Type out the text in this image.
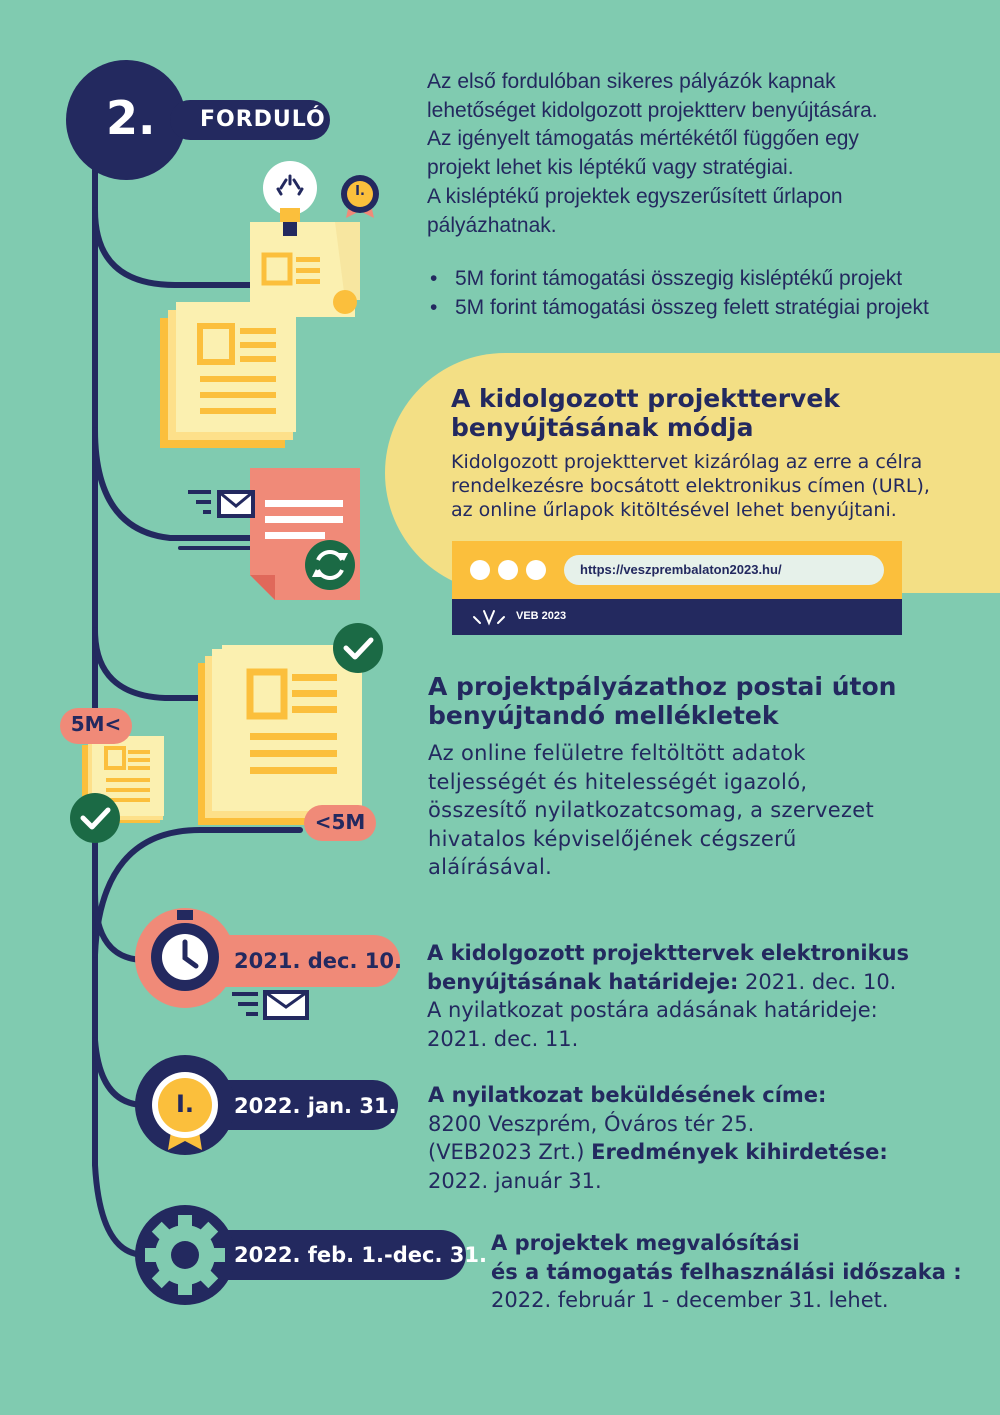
2. FORDULÓ
I.

Az első fordulóban sikeres pályázók kapnak

lehetőséget kidolgozott projektterv benyújtására.

Az igényelt támogatás mértékétől függően egy

projekt lehet kis léptékű vagy stratégiai.

A kisléptékű projektek egyszerűsített űrlapon

pályázhatnak.

• 5M forint támogatási összegig kisléptékű projekt
• 5M forint támogatási összeg felett stratégiai projekt
A kidolgozott projekttervek
benyújtásának módja
Kidolgozott projekttervet kizárólag az erre a célra
rendelkezésre bocsátott elektronikus címen (URL),
az online űrlapok kitöltésével lehet benyújtani.
https://veszprembalaton2023.hu/
VEB 2023
A projektpályázathoz postai úton
benyújtandó mellékletek
Az online felületre feltöltött adatok
teljességét és hitelességét igazoló,
összesítő nyilatkozatcsomag, a szervezet
hivatalos képviselőjének cégszerű
aláírásával.
5M<
<5M
2021. dec. 10.
I. 2022. jan. 31.
2022. feb. 1.-dec. 31.
A kidolgozott projekttervek elektronikus
benyújtásának határideje: 2021. dec. 10.
A nyilatkozat postára adásának határideje:
2021. dec. 11.
A nyilatkozat beküldésének címe:
8200 Veszprém, Óváros tér 25.
(VEB2023 Zrt.) Eredmények kihirdetése:
2022. január 31.
A projektek megvalósítási
és a támogatás felhasználási időszaka :
2022. február 1 - december 31. lehet.
